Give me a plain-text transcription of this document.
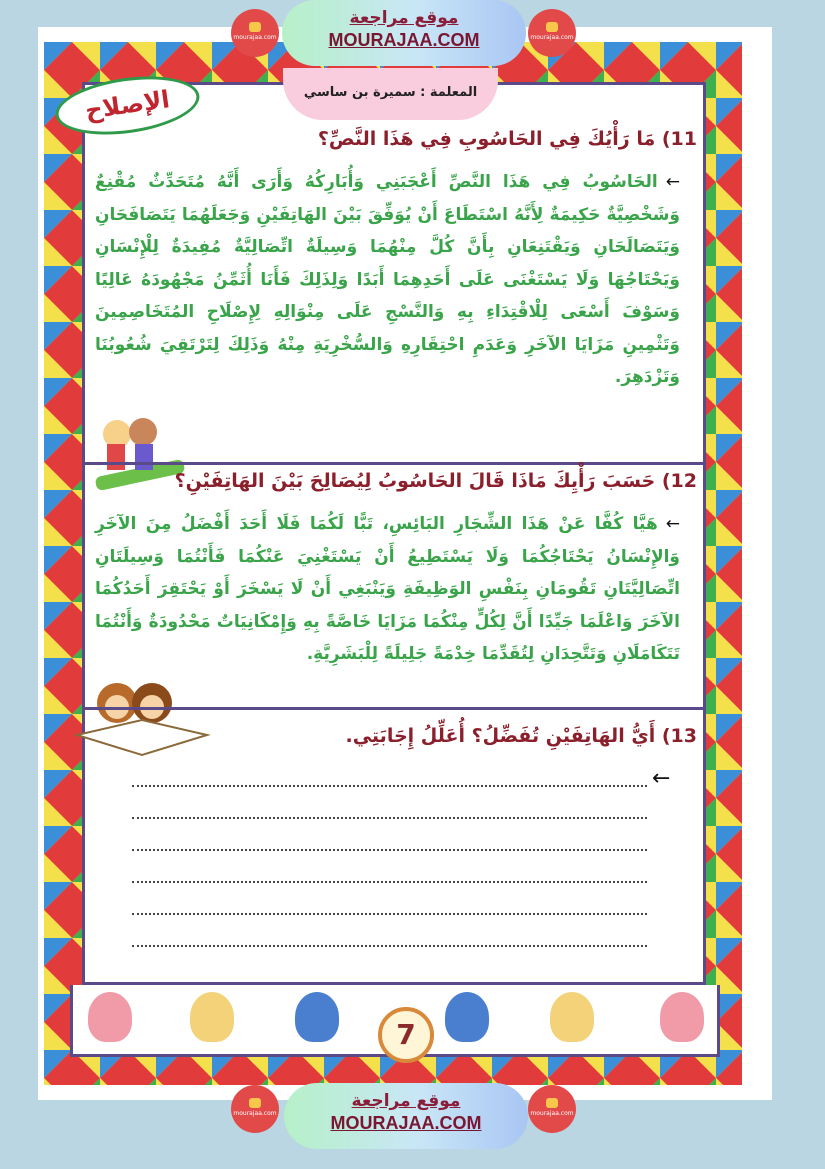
mourajaa.com	mourajaa.com
موقع مراجعة
MOURAJAA.COM
المعلمة : سميرة بن ساسي
الإصلاح
11) مَا رَأْيُكَ فِي الحَاسُوبِ فِي هَذَا النَّصِّ؟
←الحَاسُوبُ فِي هَذَا النَّصِّ أَعْجَبَنِي وَأُبَارِكُهُ وَأَرَى أَنَّهُ مُتَحَدِّثٌ مُقْنِعٌ وَشَخْصِيَّةٌ حَكِيمَةٌ لِأَنَّهُ اسْتَطَاعَ أَنْ يُوَفِّقَ بَيْنَ الهَاتِفَيْنِ وَجَعَلَهُمَا يَتَصَافَحَانِ وَيَتَصَالَحَانِ وَيَقْتَنِعَانِ بِأَنَّ كُلَّ مِنْهُمَا وَسِيلَةٌ اتِّصَالِيَّةٌ مُفِيدَةٌ لِلْإِنْسَانِ وَيَحْتَاجُهَا وَلَا يَسْتَغْنَى عَلَى أَحَدِهِمَا أَبَدًا وَلِذَلِكَ فَأَنَا أُثَمِّنُ مَجْهُودَهُ عَالِيًا وَسَوْفَ أَسْعَى لِلْاقْتِدَاءِ بِهِ وَالنَّسْجِ عَلَى مِنْوَالِهِ لِإِصْلَاحِ المُتَخَاصِمِينَ وَتَثْمِينِ مَزَايَا الآخَرِ وَعَدَمِ احْتِقَارِهِ وَالسُّخْرِيَةِ مِنْهُ وَذَلِكَ لِتَرْتَقِيَ شُعُوبُنَا وَتَزْدَهِرَ.
12) حَسَبَ رَأْيِكَ مَاذَا قَالَ الحَاسُوبُ لِيُصَالِحَ بَيْنَ الهَاتِفَيْنِ؟
←هَيَّا كُفَّا عَنْ هَذَا الشِّجَارِ البَائِسِ، تَبًّا لَكُمَا فَلَا أَحَدَ أَفْضَلُ مِنَ الآخَرِ وَالإِنْسَانُ يَحْتَاجُكُمَا وَلَا يَسْتَطِيعُ أَنْ يَسْتَغْنِيَ عَنْكُمَا فَأَنْتُمَا وَسِيلَتَانِ اتِّصَالِيَّتَانِ تَقُومَانِ بِنَفْسِ الوَظِيفَةِ وَيَنْبَغِي أَنْ لَا يَسْخَرَ أَوْ يَحْتَقِرَ أَحَدُكُمَا الآخَرَ وَاعْلَمَا جَيِّدًا أَنَّ لِكُلٍّ مِنْكُمَا مَزَايَا خَاصَّةً بِهِ وَإِمْكَانِيَاتٌ مَحْدُودَةٌ وَأَنْتُمَا تَتَكَامَلَانِ وَتَتَّحِدَانِ لِتُقَدِّمَا خِدْمَةً جَلِيلَةً لِلْبَشَرِيَّةِ.
13) أَيُّ الهَاتِفَيْنِ تُفَضِّلُ؟ أُعَلِّلُ إِجَابَتِي.
←
7
mourajaa.com	mourajaa.com
موقع مراجعة
MOURAJAA.COM
